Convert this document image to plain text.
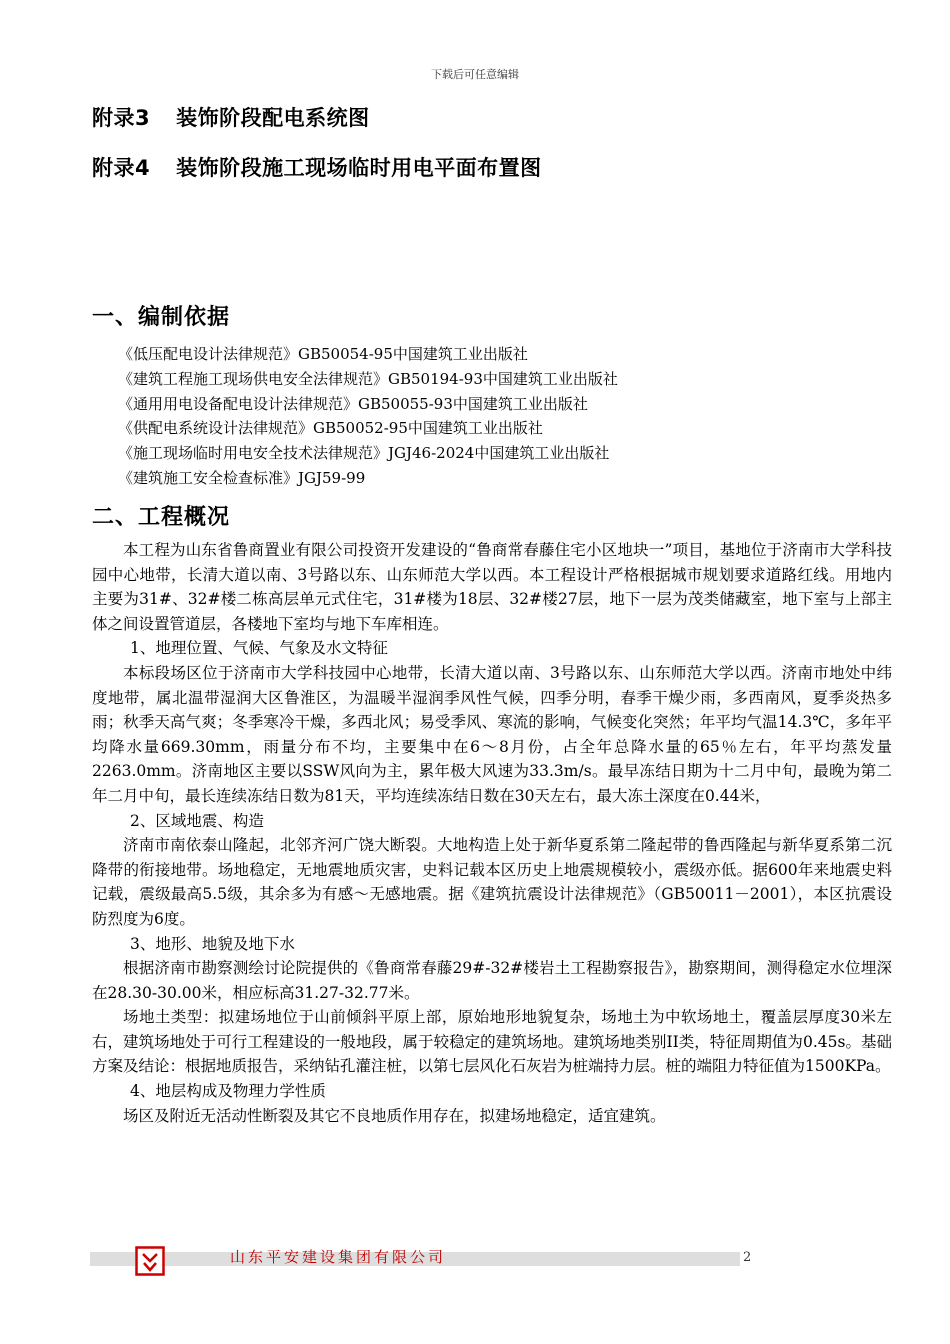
下载后可任意编辑
附录3 装饰阶段配电系统图
附录4 装饰阶段施工现场临时用电平面布置图
一、编制依据
《低压配电设计法律规范》GB50054-95中国建筑工业出版社
《建筑工程施工现场供电安全法律规范》GB50194-93中国建筑工业出版社
《通用用电设备配电设计法律规范》GB50055-93中国建筑工业出版社
《供配电系统设计法律规范》GB50052-95中国建筑工业出版社
《施工现场临时用电安全技术法律规范》JGJ46-2024中国建筑工业出版社
《建筑施工安全检查标准》JGJ59-99
二、工程概况

本工程为山东省鲁商置业有限公司投资开发建设的“鲁商常春藤住宅小区地块一”项目，基地位于济南市大学科技园中心地带，长清大道以南、3号路以东、山东师范大学以西。本工程设计严格根据城市规划要求道路红线。用地内主要为31#、32#楼二栋高层单元式住宅，31#楼为18层、32#楼27层，地下一层为茂类储藏室，地下室与上部主体之间设置管道层，各楼地下室均与地下车库相连。

1、地理位置、气候、气象及水文特征

本标段场区位于济南市大学科技园中心地带，长清大道以南、3号路以东、山东师范大学以西。济南市地处中纬度地带，属北温带湿润大区鲁淮区，为温暖半湿润季风性气候，四季分明，春季干燥少雨，多西南风，夏季炎热多雨；秋季天高气爽；冬季寒冷干燥，多西北风；易受季风、寒流的影响，气候变化突然；年平均气温14.3℃，多年平均降水量669.30mm，雨量分布不均，主要集中在6～8月份，占全年总降水量的65％左右，年平均蒸发量2263.0mm。济南地区主要以SSW风向为主，累年极大风速为33.3m/s。最早冻结日期为十二月中旬，最晚为第二年二月中旬，最长连续冻结日数为81天，平均连续冻结日数在30天左右，最大冻土深度在0.44米，

2、区域地震、构造

济南市南依泰山隆起，北邻齐河广饶大断裂。大地构造上处于新华夏系第二隆起带的鲁西隆起与新华夏系第二沉降带的衔接地带。场地稳定，无地震地质灾害，史料记载本区历史上地震规模较小，震级亦低。据600年来地震史料记载，震级最高5.5级，其余多为有感～无感地震。据《建筑抗震设计法律规范》（GB50011－2001），本区抗震设防烈度为6度。

3、地形、地貌及地下水

根据济南市勘察测绘讨论院提供的《鲁商常春藤29#-32#楼岩土工程勘察报告》，勘察期间，测得稳定水位埋深在28.30-30.00米，相应标高31.27-32.77米。

场地土类型：拟建场地位于山前倾斜平原上部，原始地形地貌复杂，场地土为中软场地土，覆盖层厚度30米左右，建筑场地处于可行工程建设的一般地段，属于较稳定的建筑场地。建筑场地类别II类，特征周期值为0.45s。基础方案及结论：根据地质报告，采纳钻孔灌注桩，以第七层风化石灰岩为桩端持力层。桩的端阻力特征值为1500KPa。

4、地层构成及物理力学性质

场区及附近无活动性断裂及其它不良地质作用存在，拟建场地稳定，适宜建筑。

山东平安建设集团有限公司	2
